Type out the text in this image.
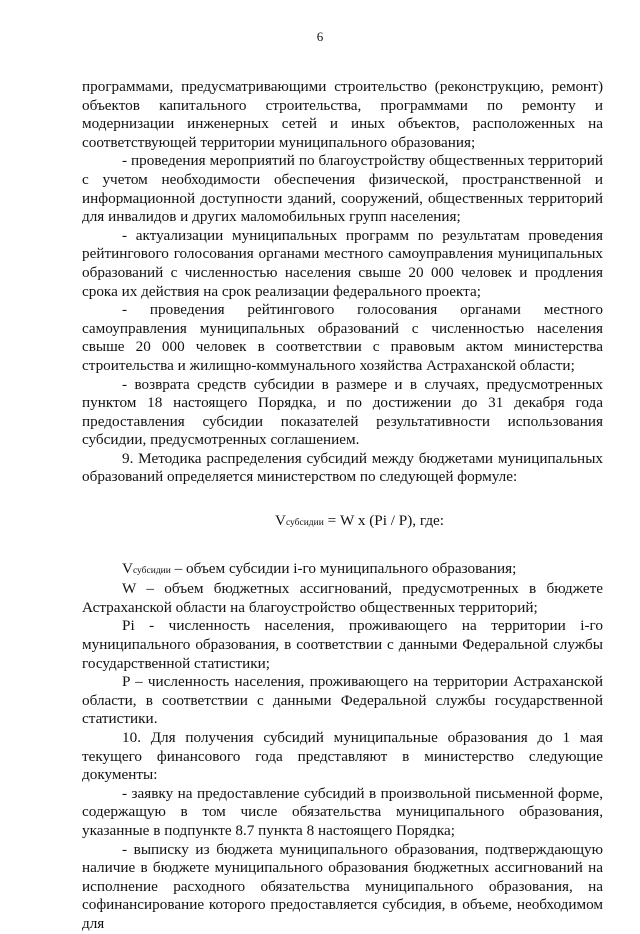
6

программами, предусматривающими строительство (реконструкцию, ремонт) объектов капитального строительства, программами по ремонту и модернизации инженерных сетей и иных объектов, расположенных на соответствующей территории муниципального образования;

- проведения мероприятий по благоустройству общественных территорий с учетом необходимости обеспечения физической, пространственной и информационной доступности зданий, сооружений, общественных территорий для инвалидов и других маломобильных групп населения;

- актуализации муниципальных программ по результатам проведения рейтингового голосования органами местного самоуправления муниципальных образований с численностью населения свыше 20 000 человек и продления срока их действия на срок реализации федерального проекта;

- проведения рейтингового голосования органами местного самоуправления муниципальных образований с численностью населения свыше 20 000 человек в соответствии с правовым актом министерства строительства и жилищно-коммунального хозяйства Астраханской области;

- возврата средств субсидии в размере и в случаях, предусмотренных пунктом 18 настоящего Порядка, и по достижении до 31 декабря года предоставления субсидии показателей результативности использования субсидии, предусмотренных соглашением.

9. Методика распределения субсидий между бюджетами муниципальных образований определяется министерством по следующей формуле:

Vсубсидии = W x (Pi / P), где:

Vсубсидии – объем субсидии i-го муниципального образования;

W – объем бюджетных ассигнований, предусмотренных в бюджете Астраханской области на благоустройство общественных территорий;

Pi - численность населения, проживающего на территории i-го муниципального образования, в соответствии с данными Федеральной службы государственной статистики;

P – численность населения, проживающего на территории Астраханской области, в соответствии с данными Федеральной службы государственной статистики.

10. Для получения субсидий муниципальные образования до 1 мая текущего финансового года представляют в министерство следующие документы:

- заявку на предоставление субсидий в произвольной письменной форме, содержащую в том числе обязательства муниципального образования, указанные в подпункте 8.7 пункта 8 настоящего Порядка;

- выписку из бюджета муниципального образования, подтверждающую наличие в бюджете муниципального образования бюджетных ассигнований на исполнение расходного обязательства муниципального образования, на софинансирование которого предоставляется субсидия, в объеме, необходимом для
